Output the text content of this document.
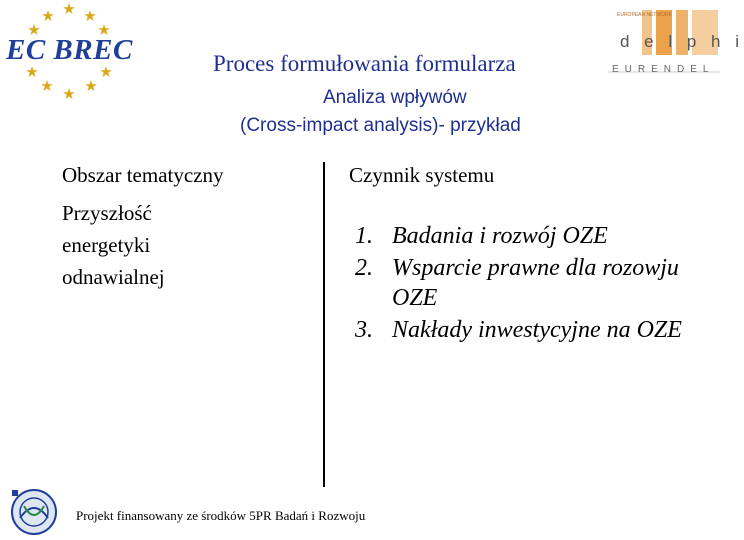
EC BREC
EUROPEAN NETWORK
d e l p h i
EURENDEL
Proces formułowania formularza
Analiza wpływów
(Cross-impact analysis)- przykład
Obszar tematyczny
Przyszłość
energetyki
odnawialnej
Czynnik systemu
1. Badania i rozwój OZE
2. Wsparcie prawne dla rozowju OZE
3. Nakłady inwestycyjne na OZE
Projekt finansowany ze środków 5PR Badań i Rozwoju
